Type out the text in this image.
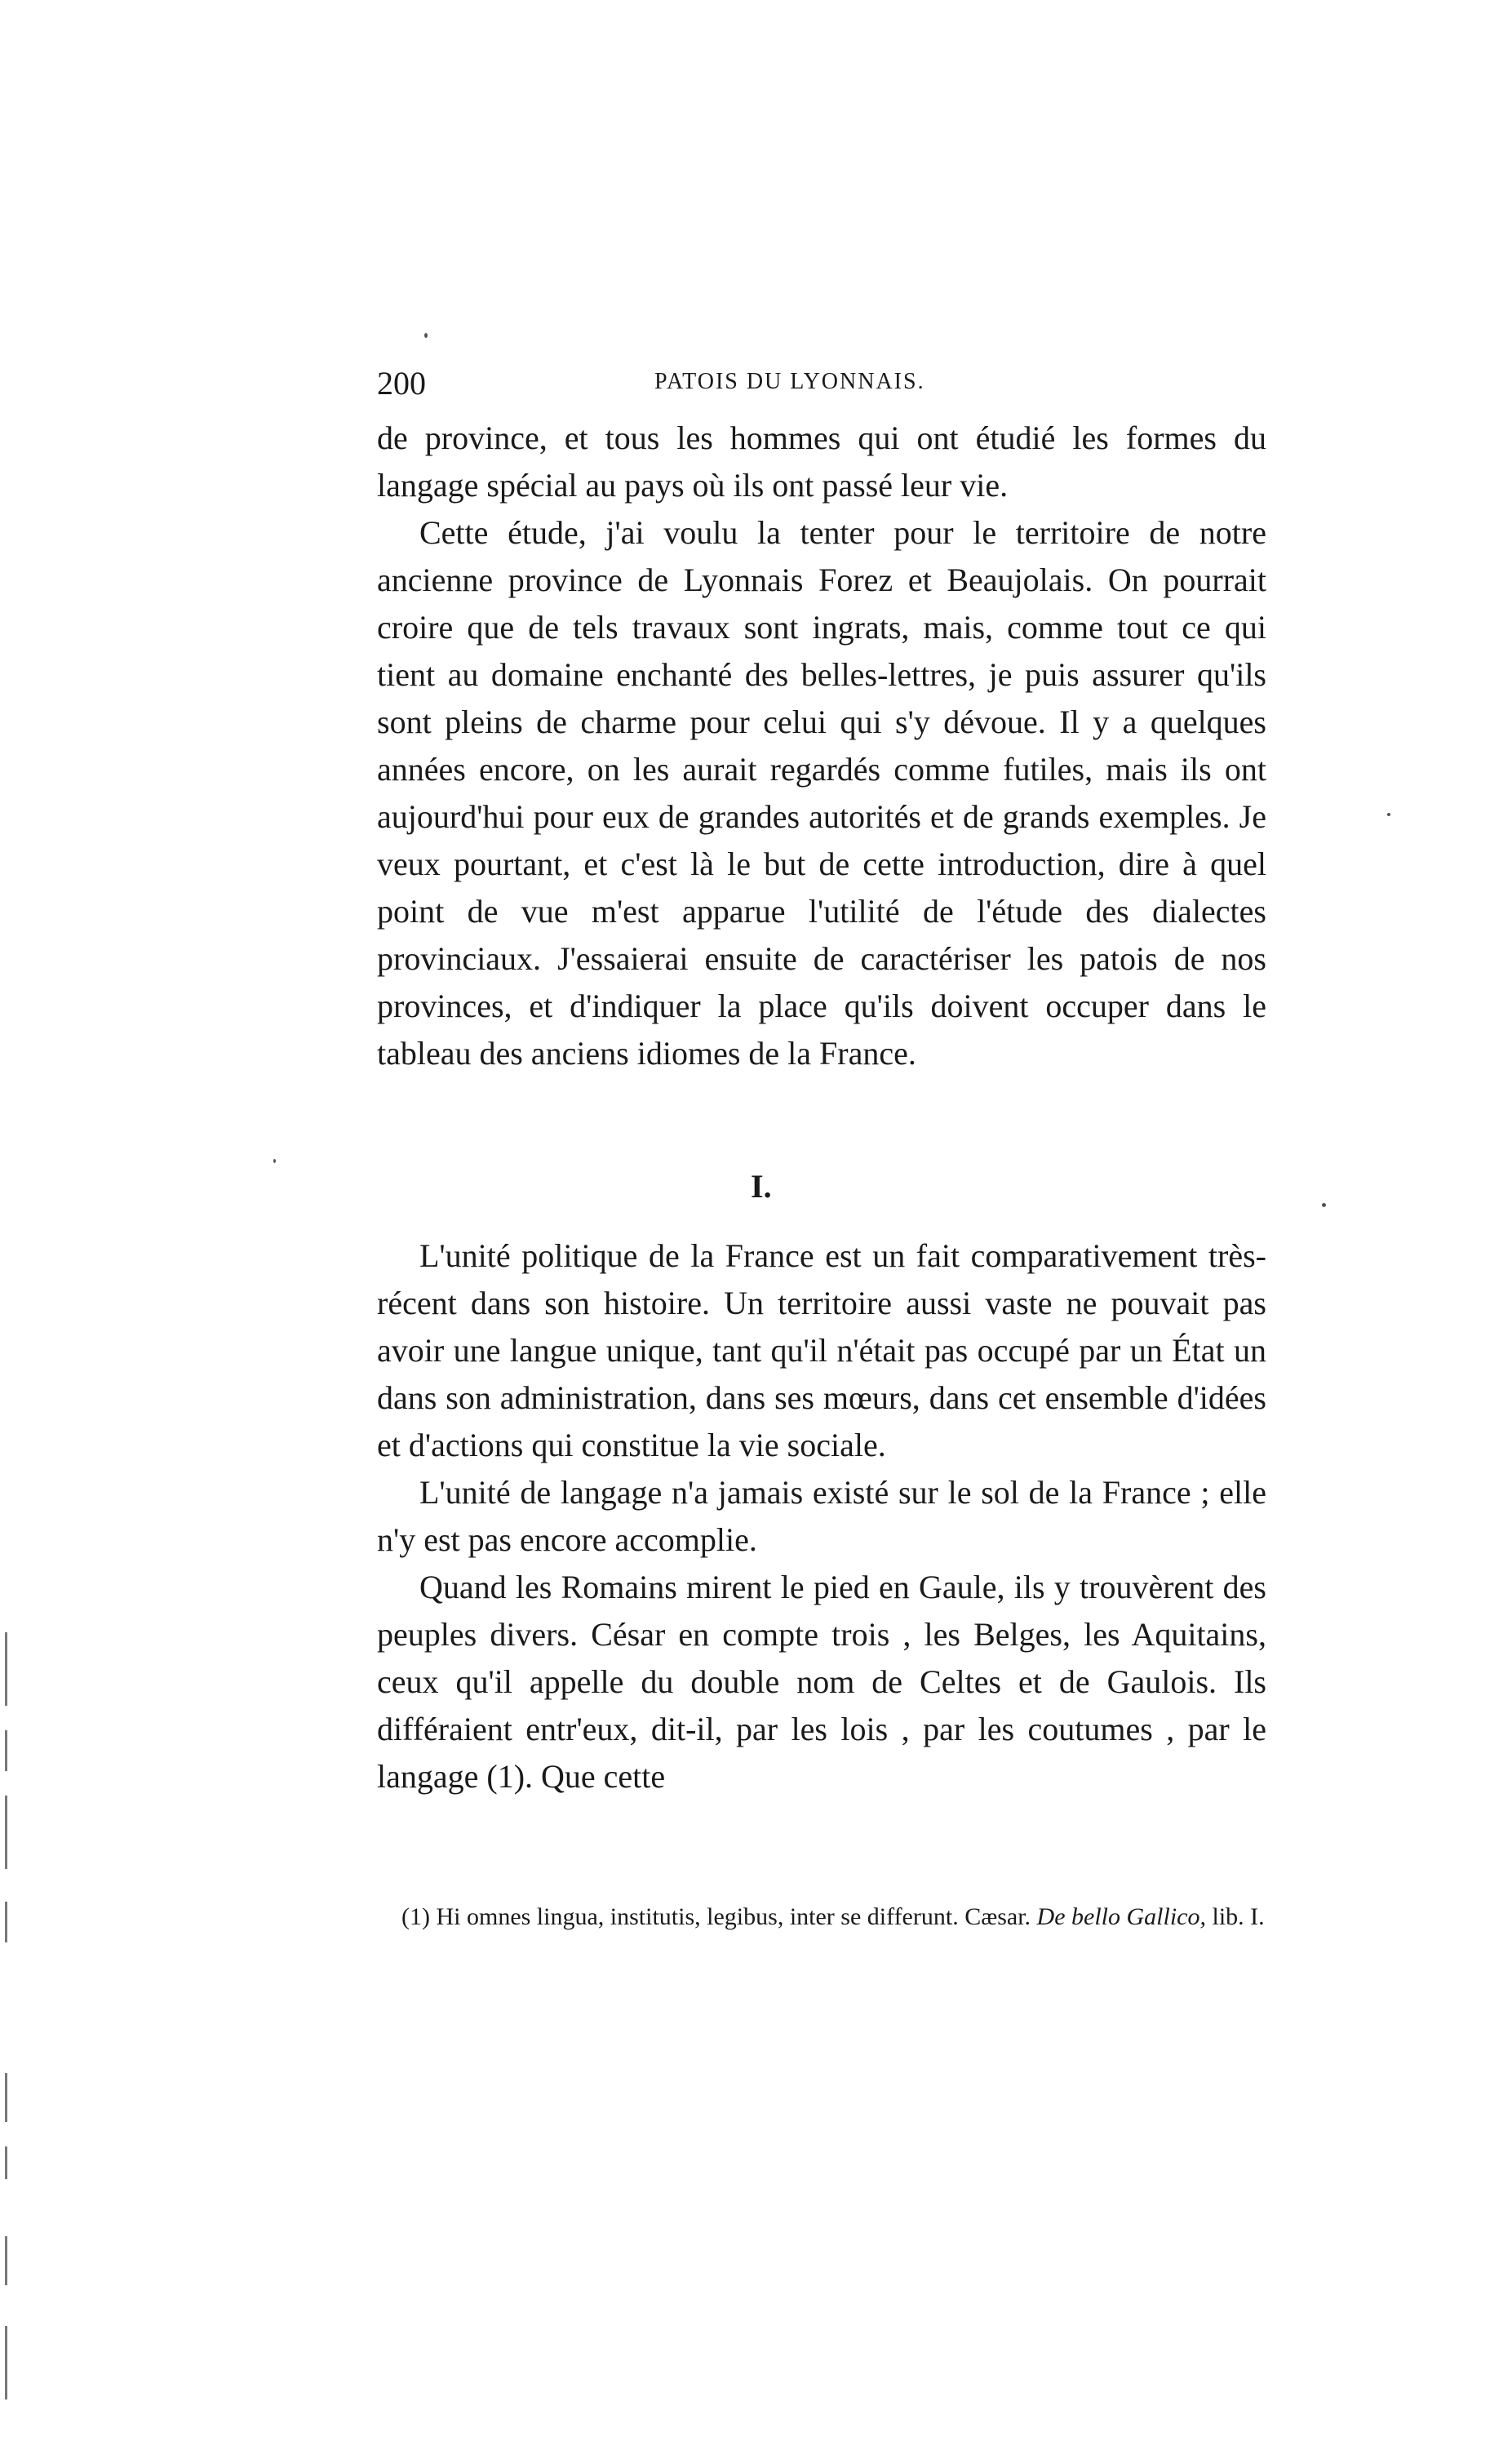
200	PATOIS DU LYONNAIS.

de province, et tous les hommes qui ont étudié les formes du langage spécial au pays où ils ont passé leur vie.

Cette étude, j'ai voulu la tenter pour le territoire de notre ancienne province de Lyonnais Forez et Beaujolais. On pourrait croire que de tels travaux sont ingrats, mais, comme tout ce qui tient au domaine enchanté des belles-lettres, je puis assurer qu'ils sont pleins de charme pour celui qui s'y dévoue. Il y a quelques années encore, on les aurait regardés comme futiles, mais ils ont aujourd'hui pour eux de grandes autorités et de grands exemples. Je veux pourtant, et c'est là le but de cette introduction, dire à quel point de vue m'est apparue l'utilité de l'étude des dialectes provinciaux. J'essaierai ensuite de caractériser les patois de nos provinces, et d'indiquer la place qu'ils doivent occuper dans le tableau des anciens idiomes de la France.

I.

L'unité politique de la France est un fait comparativement très-récent dans son histoire. Un territoire aussi vaste ne pouvait pas avoir une langue unique, tant qu'il n'était pas occupé par un État un dans son administration, dans ses mœurs, dans cet ensemble d'idées et d'actions qui constitue la vie sociale.

L'unité de langage n'a jamais existé sur le sol de la France ; elle n'y est pas encore accomplie.

Quand les Romains mirent le pied en Gaule, ils y trouvèrent des peuples divers. César en compte trois , les Belges, les Aquitains, ceux qu'il appelle du double nom de Celtes et de Gaulois. Ils différaient entr'eux, dit-il, par les lois , par les coutumes , par le langage (1). Que cette

(1) Hi omnes lingua, institutis, legibus, inter se differunt. Cæsar. De bello Gallico, lib. I.
